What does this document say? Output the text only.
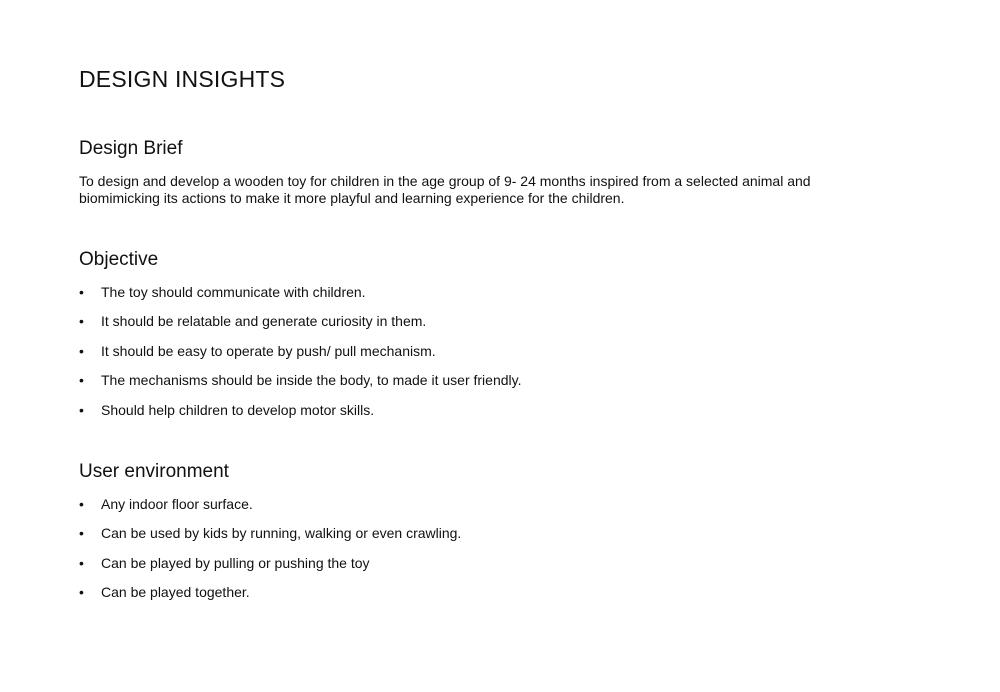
DESIGN INSIGHTS
Design Brief
To design and develop a wooden toy for children in the age group of 9- 24 months inspired from a selected animal and
biomimicking its actions to make it more playful and learning experience for the children.
Objective
•	The toy should communicate with children.
•	It should be relatable and generate curiosity in them.
•	It should be easy to operate by push/ pull mechanism.
•	The mechanisms should be inside the body, to made it user friendly.
•	Should help children to develop motor skills.
User environment
•	Any indoor floor surface.
•	Can be used by kids by running, walking or even crawling.
•	Can be played by pulling or pushing the toy
•	Can be played together.
